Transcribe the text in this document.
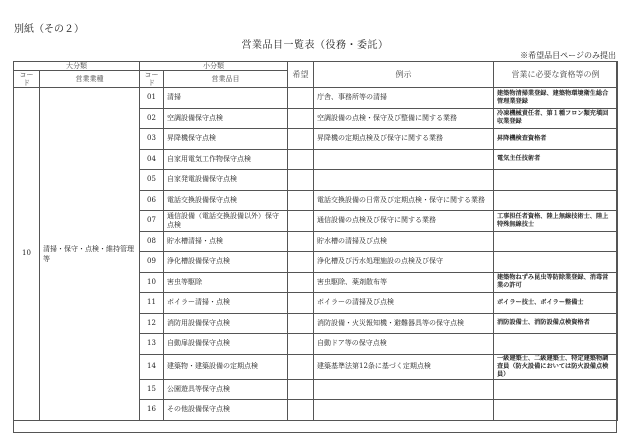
別紙（その２）
営業品目一覧表（役務・委託）
※希望品目ページのみ提出
大分類		小分類		希望	例示	営業に必要な資格等の例
コード	営業業種	コード	営業品目			
10	清掃・保守・点検・維持管理等	01	清掃		庁舎、事務所等の清掃	建築物清掃業登録、建築物環境衛生総合管理業登録
		02	空調設備保守点検		空調設備の点検・保守及び整備に関する業務	冷凍機械責任者、第１種フロン類充塡回収業登録
		03	昇降機保守点検		昇降機の定期点検及び保守に関する業務	昇降機検査資格者
		04	自家用電気工作物保守点検			電気主任技術者
		05	自家発電設備保守点検			
		06	電話交換設備保守点検		電話交換設備の日常及び定期点検・保守に関する業務	
		07	通信設備（電話交換設備以外）保守点検		通信設備の点検及び保守に関する業務	工事担任者資格、陸上無線技術士、陸上特殊無線技士
		08	貯水槽清掃・点検		貯水槽の清掃及び点検	
		09	浄化槽設備保守点検		浄化槽及び汚水処理施設の点検及び保守	
		10	害虫等駆除		害虫駆除、薬剤散布等	建築物ねずみ昆虫等防除業登録、消毒営業の許可
		11	ボイラー清掃・点検		ボイラーの清掃及び点検	ボイラー技士、ボイラー整備士
		12	消防用設備保守点検		消防設備・火災報知機・避難器具等の保守点検	消防設備士、消防設備点検資格者
		13	自動扉設備保守点検		自動ドア等の保守点検	
		14	建築物・建築設備の定期点検		建築基準法第12条に基づく定期点検	一級建築士、二級建築士、特定建築物調査員（防火設備においては防火設備点検員）
		15	公園遊具等保守点検			
		16	その他設備保守点検			
